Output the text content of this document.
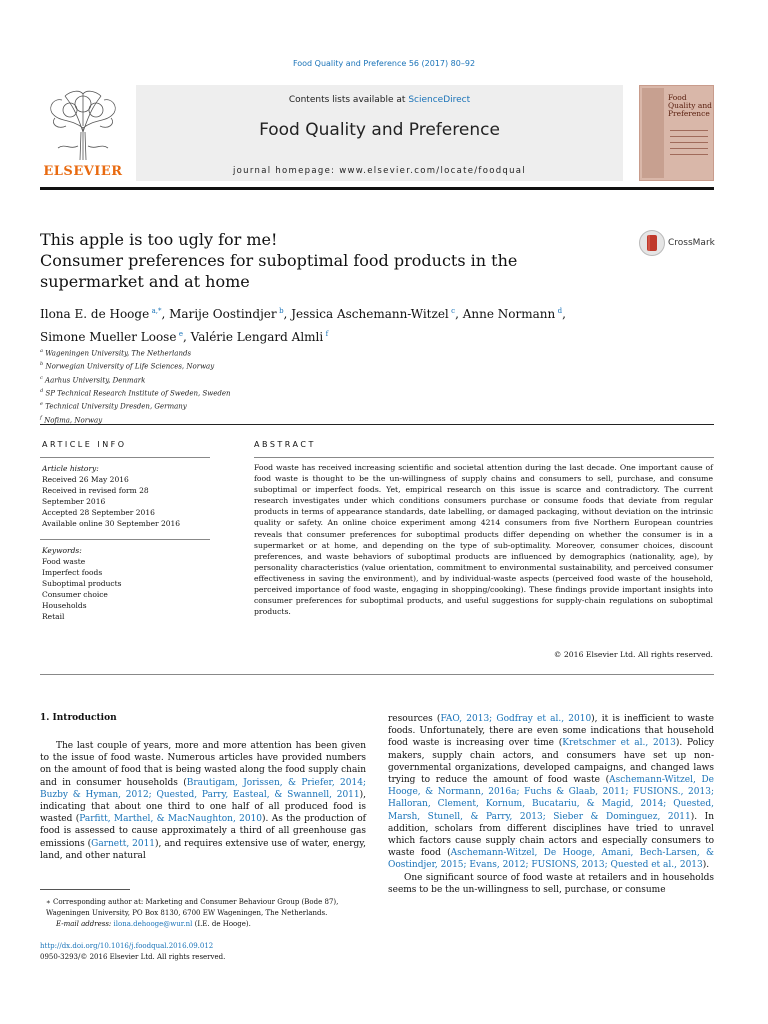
Food Quality and Preference 56 (2017) 80–92
ELSEVIER
Contents lists available at ScienceDirect
Food Quality and Preference
journal homepage: www.elsevier.com/locate/foodqual
Food Quality and Preference
This apple is too ugly for me!
Consumer preferences for suboptimal food products in the
supermarket and at home
CrossMark
Ilona E. de Hooge  $^{a,*}$, Marije Oostindjer  $^b$, Jessica Aschemann-Witzel  $^c$, Anne Normann  $^d$,
Simone Mueller Loose  $^e$, Valérie Lengard Almli  $^f$
$^a$ Wageningen University, The Netherlands
$^b$ Norwegian University of Life Sciences, Norway
$^c$ Aarhus University, Denmark
$^d$ SP Technical Research Institute of Sweden, Sweden
$^e$ Technical University Dresden, Germany
$^f$ Nofima, Norway
ARTICLE INFO	ABSTRACT
Article history:
Received 26 May 2016
Received in revised form 28 September 2016
Accepted 28 September 2016
Available online 30 September 2016
Keywords:
Food waste
Imperfect foods
Suboptimal products
Consumer choice
Households
Retail
Food waste has received increasing scientific and societal attention during the last decade. One important cause of food waste is thought to be the un-willingness of supply chains and consumers to sell, purchase, and consume suboptimal or imperfect foods. Yet, empirical research on this issue is scarce and contradictory. The current research investigates under which conditions consumers purchase or consume foods that deviate from regular products in terms of appearance standards, date labelling, or damaged packaging, without deviation on the intrinsic quality or safety. An online choice experiment among 4214 consumers from five Northern European countries reveals that consumer preferences for suboptimal products differ depending on whether the consumer is in a supermarket or at home, and depending on the type of sub-optimality. Moreover, consumer choices, discount preferences, and waste behaviors of suboptimal products are influenced by demographics (nationality, age), by personality characteristics (value orientation, commitment to environmental sustainability, and perceived consumer effectiveness in saving the environment), and by individual-waste aspects (perceived food waste of the household, perceived importance of food waste, engaging in shopping/cooking). These findings provide important insights into consumer preferences for suboptimal products, and useful suggestions for supply-chain regulations on suboptimal products.
© 2016 Elsevier Ltd. All rights reserved.
1. Introduction

The last couple of years, more and more attention has been given to the issue of food waste. Numerous articles have provided numbers on the amount of food that is being wasted along the food supply chain and in consumer households (Brautigam, Jorissen, & Priefer, 2014; Buzby & Hyman, 2012; Quested, Parry, Easteal, & Swannell, 2011), indicating that about one third to one half of all produced food is wasted (Parfitt, Marthel, & MacNaughton, 2010). As the production of food is assessed to cause approximately a third of all greenhouse gas emissions (Garnett, 2011), and requires extensive use of water, energy, land, and other natural

∗ Corresponding author at: Marketing and Consumer Behaviour Group (Bode 87), Wageningen University, PO Box 8130, 6700 EW Wageningen, The Netherlands.
E-mail address: ilona.dehooge@wur.nl (I.E. de Hooge).
http://dx.doi.org/10.1016/j.foodqual.2016.09.012
0950-3293/© 2016 Elsevier Ltd. All rights reserved.

resources (FAO, 2013; Godfray et al., 2010), it is inefficient to waste foods. Unfortunately, there are even some indications that household food waste is increasing over time (Kretschmer et al., 2013). Policy makers, supply chain actors, and consumers have set up non-governmental organizations, developed campaigns, and changed laws trying to reduce the amount of food waste (Aschemann-Witzel, De Hooge, & Normann, 2016a; Fuchs & Glaab, 2011; FUSIONS., 2013; Halloran, Clement, Kornum, Bucatariu, & Magid, 2014; Quested, Marsh, Stunell, & Parry, 2013; Sieber & Dominguez, 2011). In addition, scholars from different disciplines have tried to unravel which factors cause supply chain actors and especially consumers to waste food (Aschemann-Witzel, De Hooge, Amani, Bech-Larsen, & Oostindjer, 2015; Evans, 2012; FUSIONS, 2013; Quested et al., 2013).

One significant source of food waste at retailers and in households seems to be the un-willingness to sell, purchase, or consume
